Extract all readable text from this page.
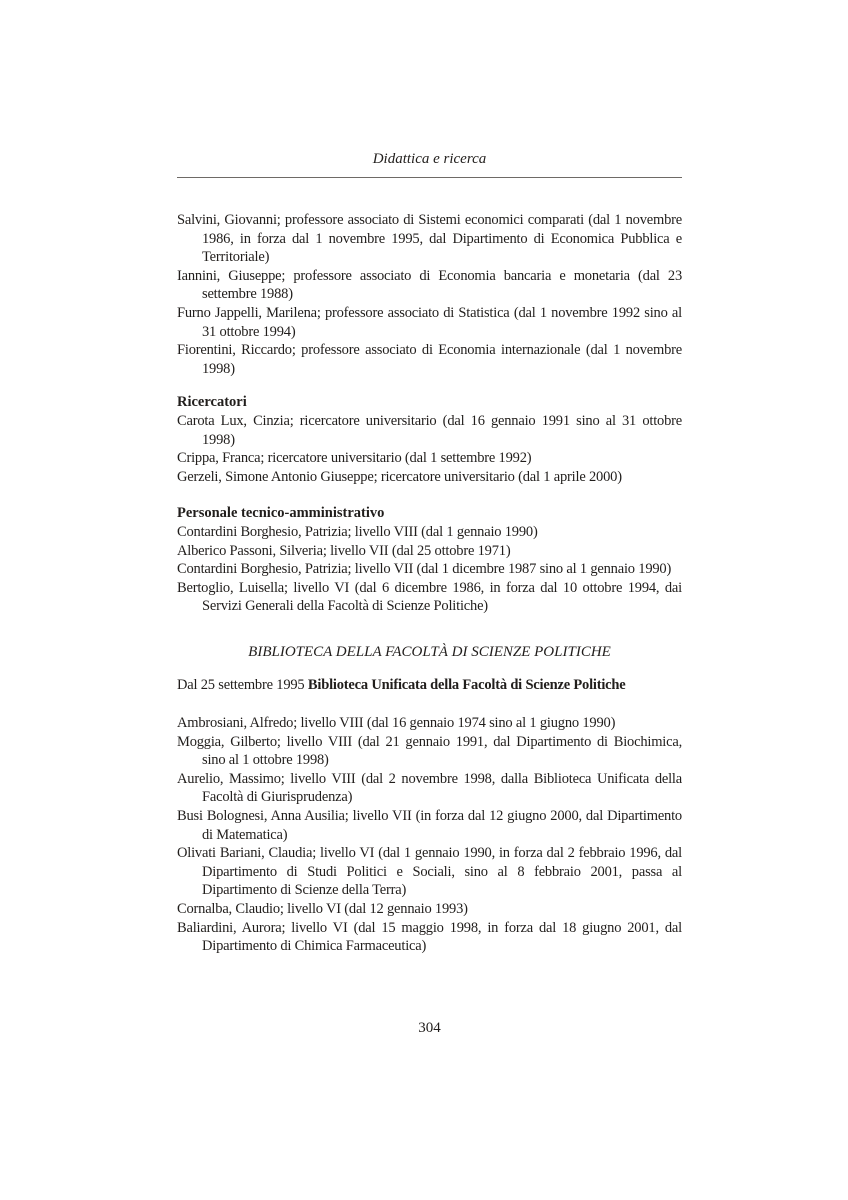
Didattica e ricerca

Salvini, Giovanni; professore associato di Sistemi economici comparati (dal 1 novembre 1986, in forza dal 1 novembre 1995, dal Dipartimento di Economica Pubblica e Territoriale)

Iannini, Giuseppe; professore associato di Economia bancaria e monetaria (dal 23 settembre 1988)

Furno Jappelli, Marilena; professore associato di Statistica (dal 1 novembre 1992 sino al 31 ottobre 1994)

Fiorentini, Riccardo; professore associato di Economia internazionale (dal 1 novembre 1998)

Ricercatori

Carota Lux, Cinzia; ricercatore universitario (dal 16 gennaio 1991 sino al 31 ottobre 1998)

Crippa, Franca; ricercatore universitario (dal 1 settembre 1992)

Gerzeli, Simone Antonio Giuseppe; ricercatore universitario (dal 1 aprile 2000)

Personale tecnico-amministrativo

Contardini Borghesio, Patrizia; livello VIII (dal 1 gennaio 1990)

Alberico Passoni, Silveria; livello VII (dal 25 ottobre 1971)

Contardini Borghesio, Patrizia; livello VII (dal 1 dicembre 1987 sino al 1 gennaio 1990)

Bertoglio, Luisella; livello VI (dal 6 dicembre 1986, in forza dal 10 ottobre 1994, dai Servizi Generali della Facoltà di Scienze Politiche)

BIBLIOTECA DELLA FACOLTÀ DI SCIENZE POLITICHE

Dal 25 settembre 1995 Biblioteca Unificata della Facoltà di Scienze Politiche

Ambrosiani, Alfredo; livello VIII (dal 16 gennaio 1974 sino al 1 giugno 1990)

Moggia, Gilberto; livello VIII (dal 21 gennaio 1991, dal Dipartimento di Biochimica, sino al 1 ottobre 1998)

Aurelio, Massimo; livello VIII (dal 2 novembre 1998, dalla Biblioteca Unificata della Facoltà di Giurisprudenza)

Busi Bolognesi, Anna Ausilia; livello VII (in forza dal 12 giugno 2000, dal Dipartimento di Matematica)

Olivati Bariani, Claudia; livello VI (dal 1 gennaio 1990, in forza dal 2 febbraio 1996, dal Dipartimento di Studi Politici e Sociali, sino al 8 febbraio 2001, passa al Dipartimento di Scienze della Terra)

Cornalba, Claudio; livello VI (dal 12 gennaio 1993)

Baliardini, Aurora; livello VI (dal 15 maggio 1998, in forza dal 18 giugno 2001, dal Dipartimento di Chimica Farmaceutica)

304
